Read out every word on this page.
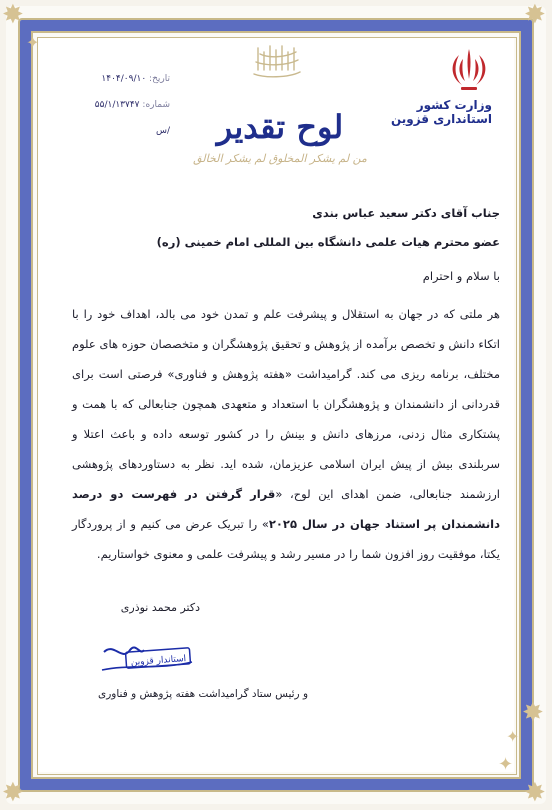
✸
✦
✸
✸
✸
✸
✦
✦
وزارت کشور
استانداری قزوین
لوح تقدیر
من لم یشکر المخلوق لم یشکر الخالق
تاریخ: ۱۴۰۴/۰۹/۱۰
شماره: ۵۵/۱/۱۳۷۴۷ /س

جناب آقای دکتر سعید عباس بندی

عضو محترم هیات علمی دانشگاه بین المللی امام خمینی (ره)

با سلام و احترام

هر ملتی که در جهان به استقلال و پیشرفت علم و تمدن خود می بالد، اهداف خود را با اتکاء دانش و تخصص برآمده از پژوهش و تحقیق پژوهشگران و متخصصان حوزه های علوم مختلف، برنامه ریزی می کند. گرامیداشت «هفته پژوهش و فناوری» فرصتی است برای قدردانی از دانشمندان و پژوهشگران با استعداد و متعهدی همچون جنابعالی که با همت و پشتکاری مثال زدنی، مرزهای دانش و بینش را در کشور توسعه داده و باعث اعتلا و سربلندی بیش از پیش ایران اسلامی عزیزمان، شده اید. نظر به دستاوردهای پژوهشی ارزشمند جنابعالی، ضمن اهدای این لوح، «قرار گرفتن در فهرست دو درصد دانشمندان پر استناد جهان در سال ۲۰۲۵» را تبریک عرض می کنیم و از پروردگار یکتا، موفقیت روز افزون شما را در مسیر رشد و پیشرفت علمی و معنوی خواستاریم.

دکتر محمد نوذری
استاندار قزوین
و رئیس ستاد گرامیداشت هفته پژوهش و فناوری
